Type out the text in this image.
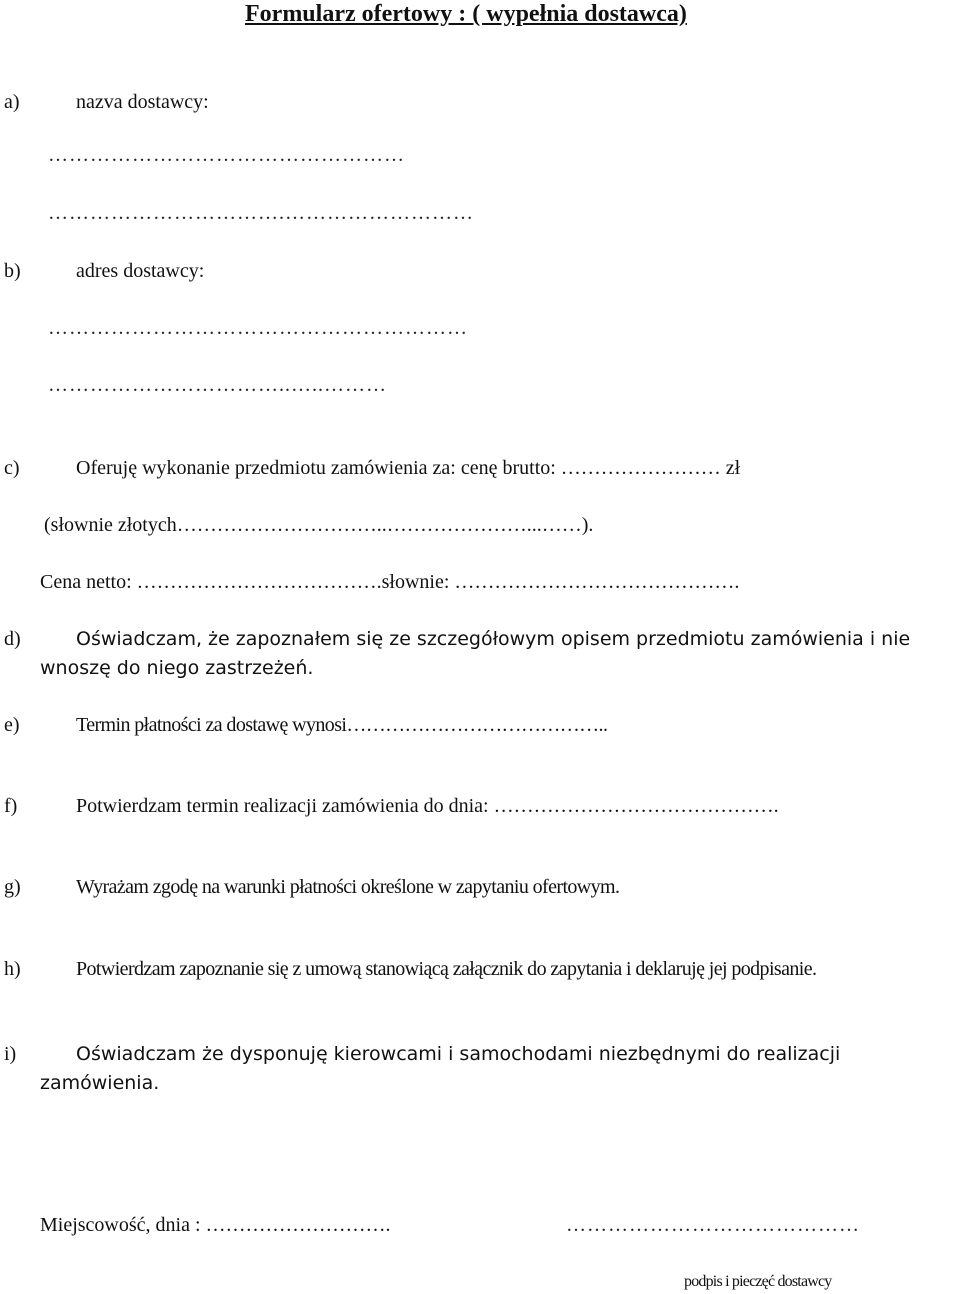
Formularz ofertowy : ( wypełnia dostawca)
a)	nazva dostawcy:
……………………………………………
…………………………….………………………
b)	adres dostawcy:
……………………………………………………
……………………………..…..………
c)	Oferuję wykonanie przedmiotu zamówienia za: cenę brutto: …………………… zł
(słownie złotych…………………………..…………………...……).
Cena netto: ……………………………….słownie: …………………………………….
d)	Oświadczam, że zapoznałem się ze szczegółowym opisem przedmiotu zamówienia i nie
wnoszę do niego zastrzeżeń.
e)	Termin płatności za dostawę wynosi…………………………………..
f)	Potwierdzam termin realizacji zamówienia do dnia: …………………………………….
g)	Wyrażam zgodę na warunki płatności określone w zapytaniu ofertowym.
h)	Potwierdzam zapoznanie się z umową stanowiącą załącznik do zapytania i deklaruję jej podpisanie.
i)	Oświadczam że dysponuję kierowcami i samochodami niezbędnymi do realizacji
zamówienia.
Miejscowość, dnia : ……………………….	……………………………………
podpis i pieczęć dostawcy
